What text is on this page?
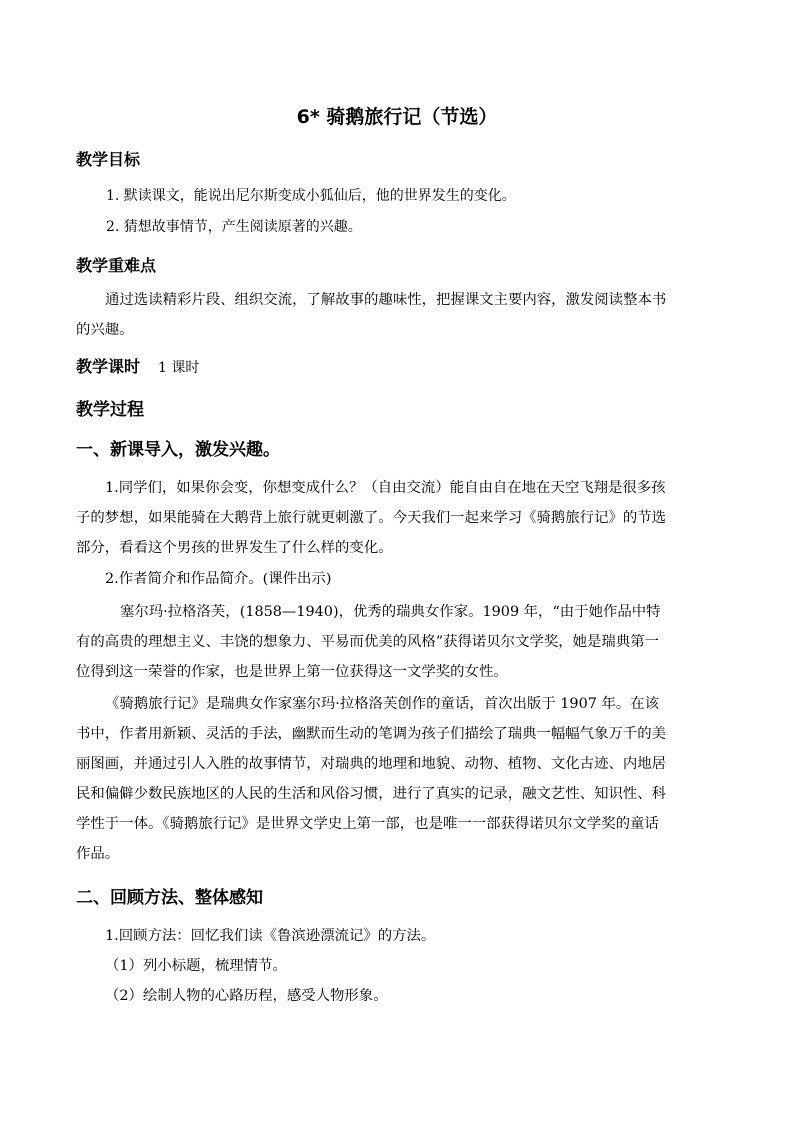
6* 骑鹅旅行记（节选）
教学目标
1. 默读课文，能说出尼尔斯变成小狐仙后，他的世界发生的变化。
2. 猜想故事情节，产生阅读原著的兴趣。
教学重难点

通过选读精彩片段、组织交流，了解故事的趣味性，把握课文主要内容，激发阅读整本书

的兴趣。

教学课时 1 课时
教学过程
一、新课导入，激发兴趣。

1.同学们，如果你会变，你想变成什么？（自由交流）能自由自在地在天空飞翔是很多孩

子的梦想，如果能骑在大鹅背上旅行就更刺激了。今天我们一起来学习《骑鹅旅行记》的节选

部分，看看这个男孩的世界发生了什么样的变化。

2.作者简介和作品简介。(课件出示)

塞尔玛·拉格洛芙，(1858—1940)，优秀的瑞典女作家。1909 年，“由于她作品中特

有的高贵的理想主义、丰饶的想象力、平易而优美的风格”获得诺贝尔文学奖，她是瑞典第一

位得到这一荣誉的作家，也是世界上第一位获得这一文学奖的女性。

《骑鹅旅行记》是瑞典女作家塞尔玛·拉格洛芙创作的童话，首次出版于 1907 年。在该

书中，作者用新颖、灵活的手法，幽默而生动的笔调为孩子们描绘了瑞典一幅幅气象万千的美

丽图画，并通过引人入胜的故事情节，对瑞典的地理和地貌、动物、植物、文化古迹、内地居

民和偏僻少数民族地区的人民的生活和风俗习惯，进行了真实的记录，融文艺性、知识性、科

学性于一体。《骑鹅旅行记》是世界文学史上第一部，也是唯一一部获得诺贝尔文学奖的童话

作品。

二、回顾方法、整体感知

1.回顾方法：回忆我们读《鲁滨逊漂流记》的方法。

（1）列小标题，梳理情节。

（2）绘制人物的心路历程，感受人物形象。
